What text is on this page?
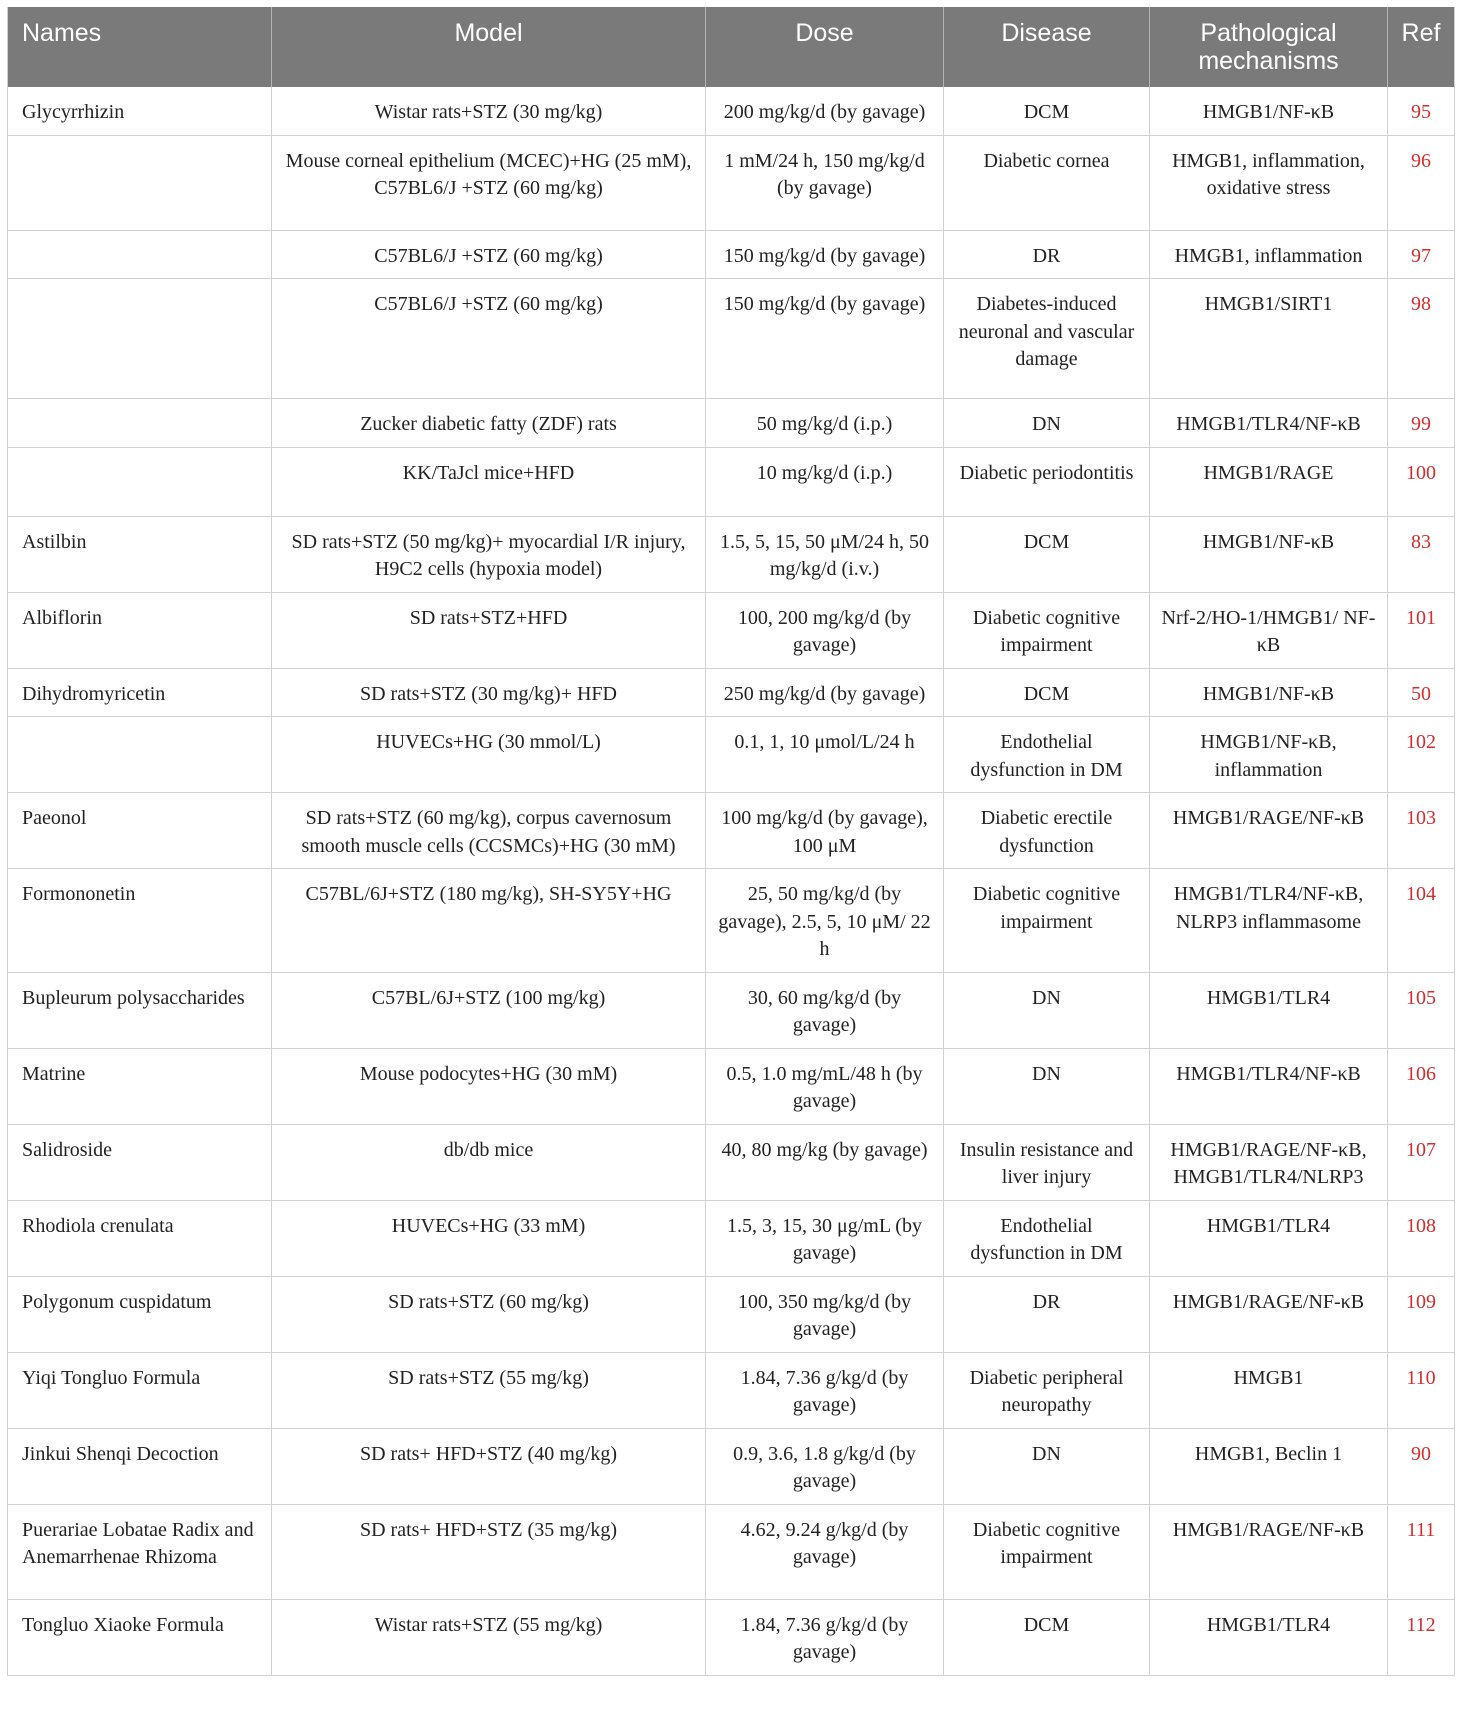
Names	Model	Dose	Disease	Pathological mechanisms	Ref
Glycyrrhizin	Wistar rats+STZ (30 mg/kg)	200 mg/kg/d (by gavage)	DCM	HMGB1/NF-κB	95
	Mouse corneal epithelium (MCEC)+HG (25 mM), C57BL6/J +STZ (60 mg/kg)	1 mM/24 h, 150 mg/kg/d (by gavage)	Diabetic cornea	HMGB1, inflammation, oxidative stress	96
	C57BL6/J +STZ (60 mg/kg)	150 mg/kg/d (by gavage)	DR	HMGB1, inflammation	97
	C57BL6/J +STZ (60 mg/kg)	150 mg/kg/d (by gavage)	Diabetes-induced neuronal and vascular damage	HMGB1/SIRT1	98
	Zucker diabetic fatty (ZDF) rats	50 mg/kg/d (i.p.)	DN	HMGB1/TLR4/NF-κB	99
	KK/TaJcl mice+HFD	10 mg/kg/d (i.p.)	Diabetic periodontitis	HMGB1/RAGE	100
Astilbin	SD rats+STZ (50 mg/kg)+ myocardial I/R injury, H9C2 cells (hypoxia model)	1.5, 5, 15, 50 μM/24 h, 50 mg/kg/d (i.v.)	DCM	HMGB1/NF-κB	83
Albiflorin	SD rats+STZ+HFD	100, 200 mg/kg/d (by gavage)	Diabetic cognitive impairment	Nrf-2/HO-1/HMGB1/ NF-κB	101
Dihydromyricetin	SD rats+STZ (30 mg/kg)+ HFD	250 mg/kg/d (by gavage)	DCM	HMGB1/NF-κB	50
	HUVECs+HG (30 mmol/L)	0.1, 1, 10 μmol/L/24 h	Endothelial dysfunction in DM	HMGB1/NF-κB, inflammation	102
Paeonol	SD rats+STZ (60 mg/kg), corpus cavernosum smooth muscle cells (CCSMCs)+HG (30 mM)	100 mg/kg/d (by gavage), 100 μM	Diabetic erectile dysfunction	HMGB1/RAGE/NF-κB	103
Formononetin	C57BL/6J+STZ (180 mg/kg), SH-SY5Y+HG	25, 50 mg/kg/d (by gavage), 2.5, 5, 10 μM/ 22 h	Diabetic cognitive impairment	HMGB1/TLR4/NF-κB, NLRP3 inflammasome	104
Bupleurum polysaccharides	C57BL/6J+STZ (100 mg/kg)	30, 60 mg/kg/d (by gavage)	DN	HMGB1/TLR4	105
Matrine	Mouse podocytes+HG (30 mM)	0.5, 1.0 mg/mL/48 h (by gavage)	DN	HMGB1/TLR4/NF-κB	106
Salidroside	db/db mice	40, 80 mg/kg (by gavage)	Insulin resistance and liver injury	HMGB1/RAGE/NF-κB, HMGB1/TLR4/NLRP3	107
Rhodiola crenulata	HUVECs+HG (33 mM)	1.5, 3, 15, 30 μg/mL (by gavage)	Endothelial dysfunction in DM	HMGB1/TLR4	108
Polygonum cuspidatum	SD rats+STZ (60 mg/kg)	100, 350 mg/kg/d (by gavage)	DR	HMGB1/RAGE/NF-κB	109
Yiqi Tongluo Formula	SD rats+STZ (55 mg/kg)	1.84, 7.36 g/kg/d (by gavage)	Diabetic peripheral neuropathy	HMGB1	110
Jinkui Shenqi Decoction	SD rats+ HFD+STZ (40 mg/kg)	0.9, 3.6, 1.8 g/kg/d (by gavage)	DN	HMGB1, Beclin 1	90
Puerariae Lobatae Radix and Anemarrhenae Rhizoma	SD rats+ HFD+STZ (35 mg/kg)	4.62, 9.24 g/kg/d (by gavage)	Diabetic cognitive impairment	HMGB1/RAGE/NF-κB	111
Tongluo Xiaoke Formula	Wistar rats+STZ (55 mg/kg)	1.84, 7.36 g/kg/d (by gavage)	DCM	HMGB1/TLR4	112
